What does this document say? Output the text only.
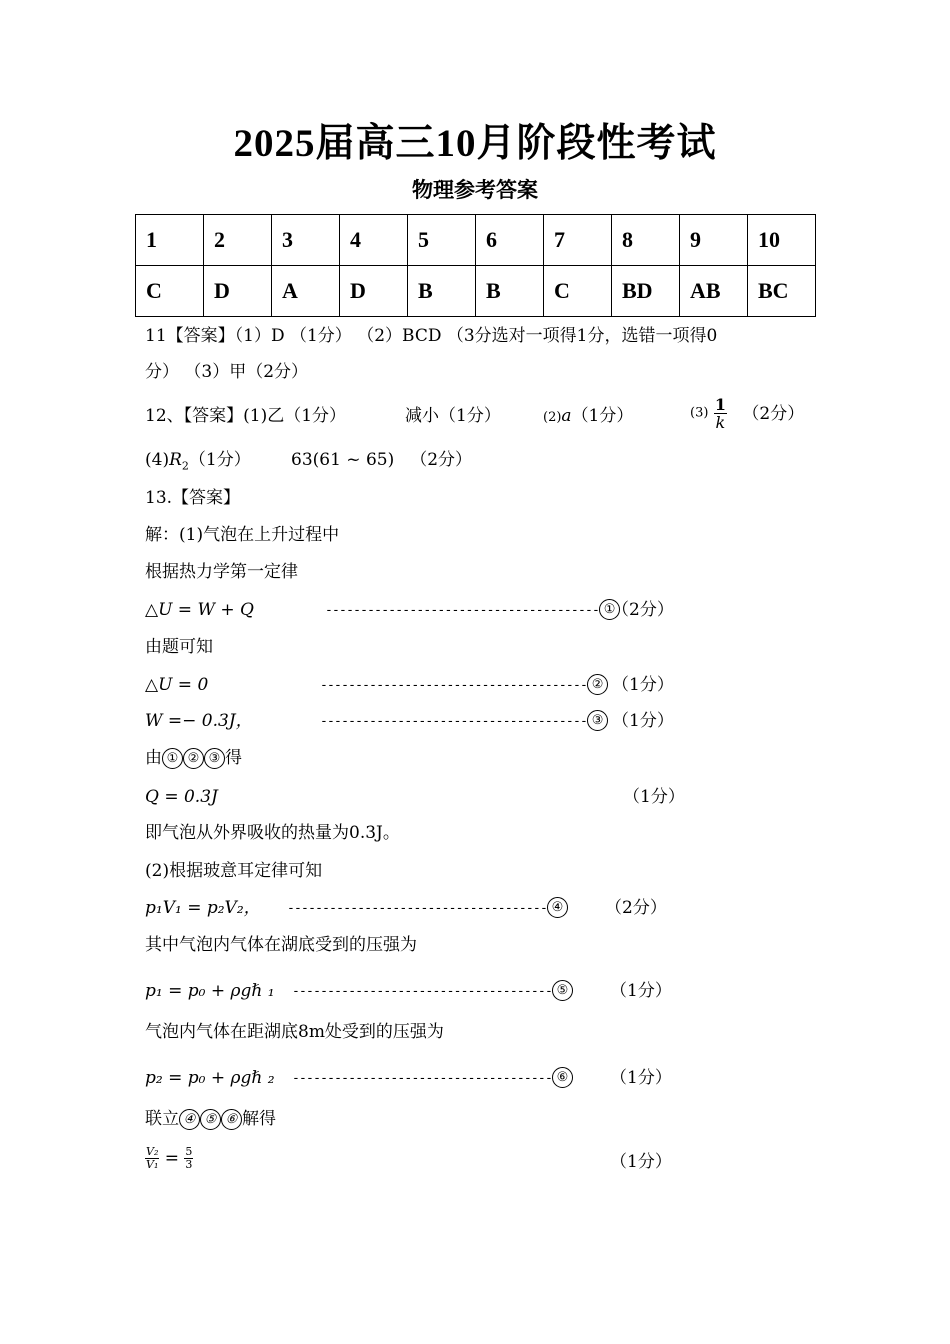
2025届高三10月阶段性考试
物理参考答案
1	2	3	4	5	6	7	8	9	10
C	D	A	D	B	B	C	BD	AB	BC
11【答案】（1）D （1分） （2）BCD （3分选对一项得1分，选错一项得0
分） （3）甲（2分）
12、【答案】(1)乙（1分）	减小（1分）	(2)a（1分）	$(3) \frac{1}{k} (2$分）
$(4)R_2(1$分） 63(61 ~ 65) （2分）
13.【答案】
解：(1)气泡在上升过程中
根据热力学第一定律
△U = W + Q	--------------------------------------- ①
（2分）
由题可知
△U = 0	-------------------------------------- ② （1分）
W =− 0.3J，	-------------------------------------- ③ （1分）
由 ① ② ③ 得
Q = 0.3J	（1分）
即气泡从外界吸收的热量为0.3J。
(2)根据玻意耳定律可知
p₁V₁ = p₂V₂， ------------------------------------- ④ （2分）
其中气泡内气体在湖底受到的压强为
p₁ = p₀ + ρgℏ ₁ ------------------------------------- ⑤ （1分）
气泡内气体在距湖底8m处受到的压强为
p₂ = p₀ + ρgℏ ₂ ------------------------------------- ⑥ （1分）
联立 ④ ⑤ ⑥ 解得
$\frac{\text{V₂}}{\text{V₁}} = \frac{5}{3}$	（1分）
